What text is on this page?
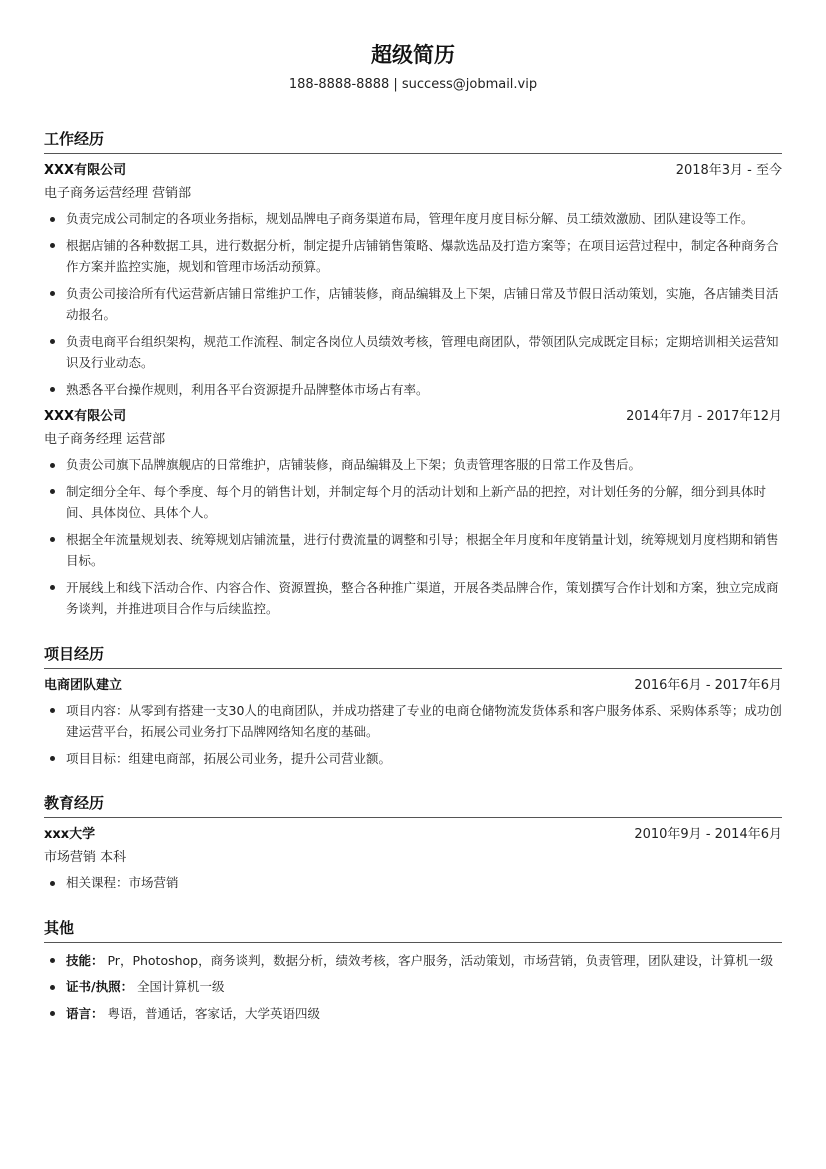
超级简历
188-8888-8888 | success@jobmail.vip
工作经历
XXX有限公司	2018年3月 - 至今
电子商务运营经理 营销部
负责完成公司制定的各项业务指标，规划品牌电子商务渠道布局，管理年度月度目标分解、员工绩效激励、团队建设等工作。
根据店铺的各种数据工具，进行数据分析，制定提升店铺销售策略、爆款选品及打造方案等；在项目运营过程中，制定各种商务合作方案并监控实施，规划和管理市场活动预算。
负责公司接洽所有代运营新店铺日常维护工作，店铺装修，商品编辑及上下架，店铺日常及节假日活动策划，实施，各店铺类目活动报名。
负责电商平台组织架构，规范工作流程、制定各岗位人员绩效考核，管理电商团队，带领团队完成既定目标；定期培训相关运营知识及行业动态。
熟悉各平台操作规则，利用各平台资源提升品牌整体市场占有率。
XXX有限公司	2014年7月 - 2017年12月
电子商务经理 运营部
负责公司旗下品牌旗舰店的日常维护，店铺装修，商品编辑及上下架；负责管理客服的日常工作及售后。
制定细分全年、每个季度、每个月的销售计划，并制定每个月的活动计划和上新产品的把控，对计划任务的分解，细分到具体时间、具体岗位、具体个人。
根据全年流量规划表、统筹规划店铺流量，进行付费流量的调整和引导；根据全年月度和年度销量计划，统筹规划月度档期和销售目标。
开展线上和线下活动合作、内容合作、资源置换，整合各种推广渠道，开展各类品牌合作，策划撰写合作计划和方案，独立完成商务谈判，并推进项目合作与后续监控。
项目经历
电商团队建立	2016年6月 - 2017年6月
项目内容：从零到有搭建一支30人的电商团队，并成功搭建了专业的电商仓储物流发货体系和客户服务体系、采购体系等；成功创建运营平台，拓展公司业务打下品牌网络知名度的基础。
项目目标：组建电商部，拓展公司业务，提升公司营业额。
教育经历
xxx大学	2010年9月 - 2014年6月
市场营销 本科
相关课程：市场营销
其他
技能： Pr，Photoshop，商务谈判，数据分析，绩效考核，客户服务，活动策划，市场营销，负责管理，团队建设，计算机一级
证书/执照： 全国计算机一级
语言： 粤语，普通话，客家话，大学英语四级
